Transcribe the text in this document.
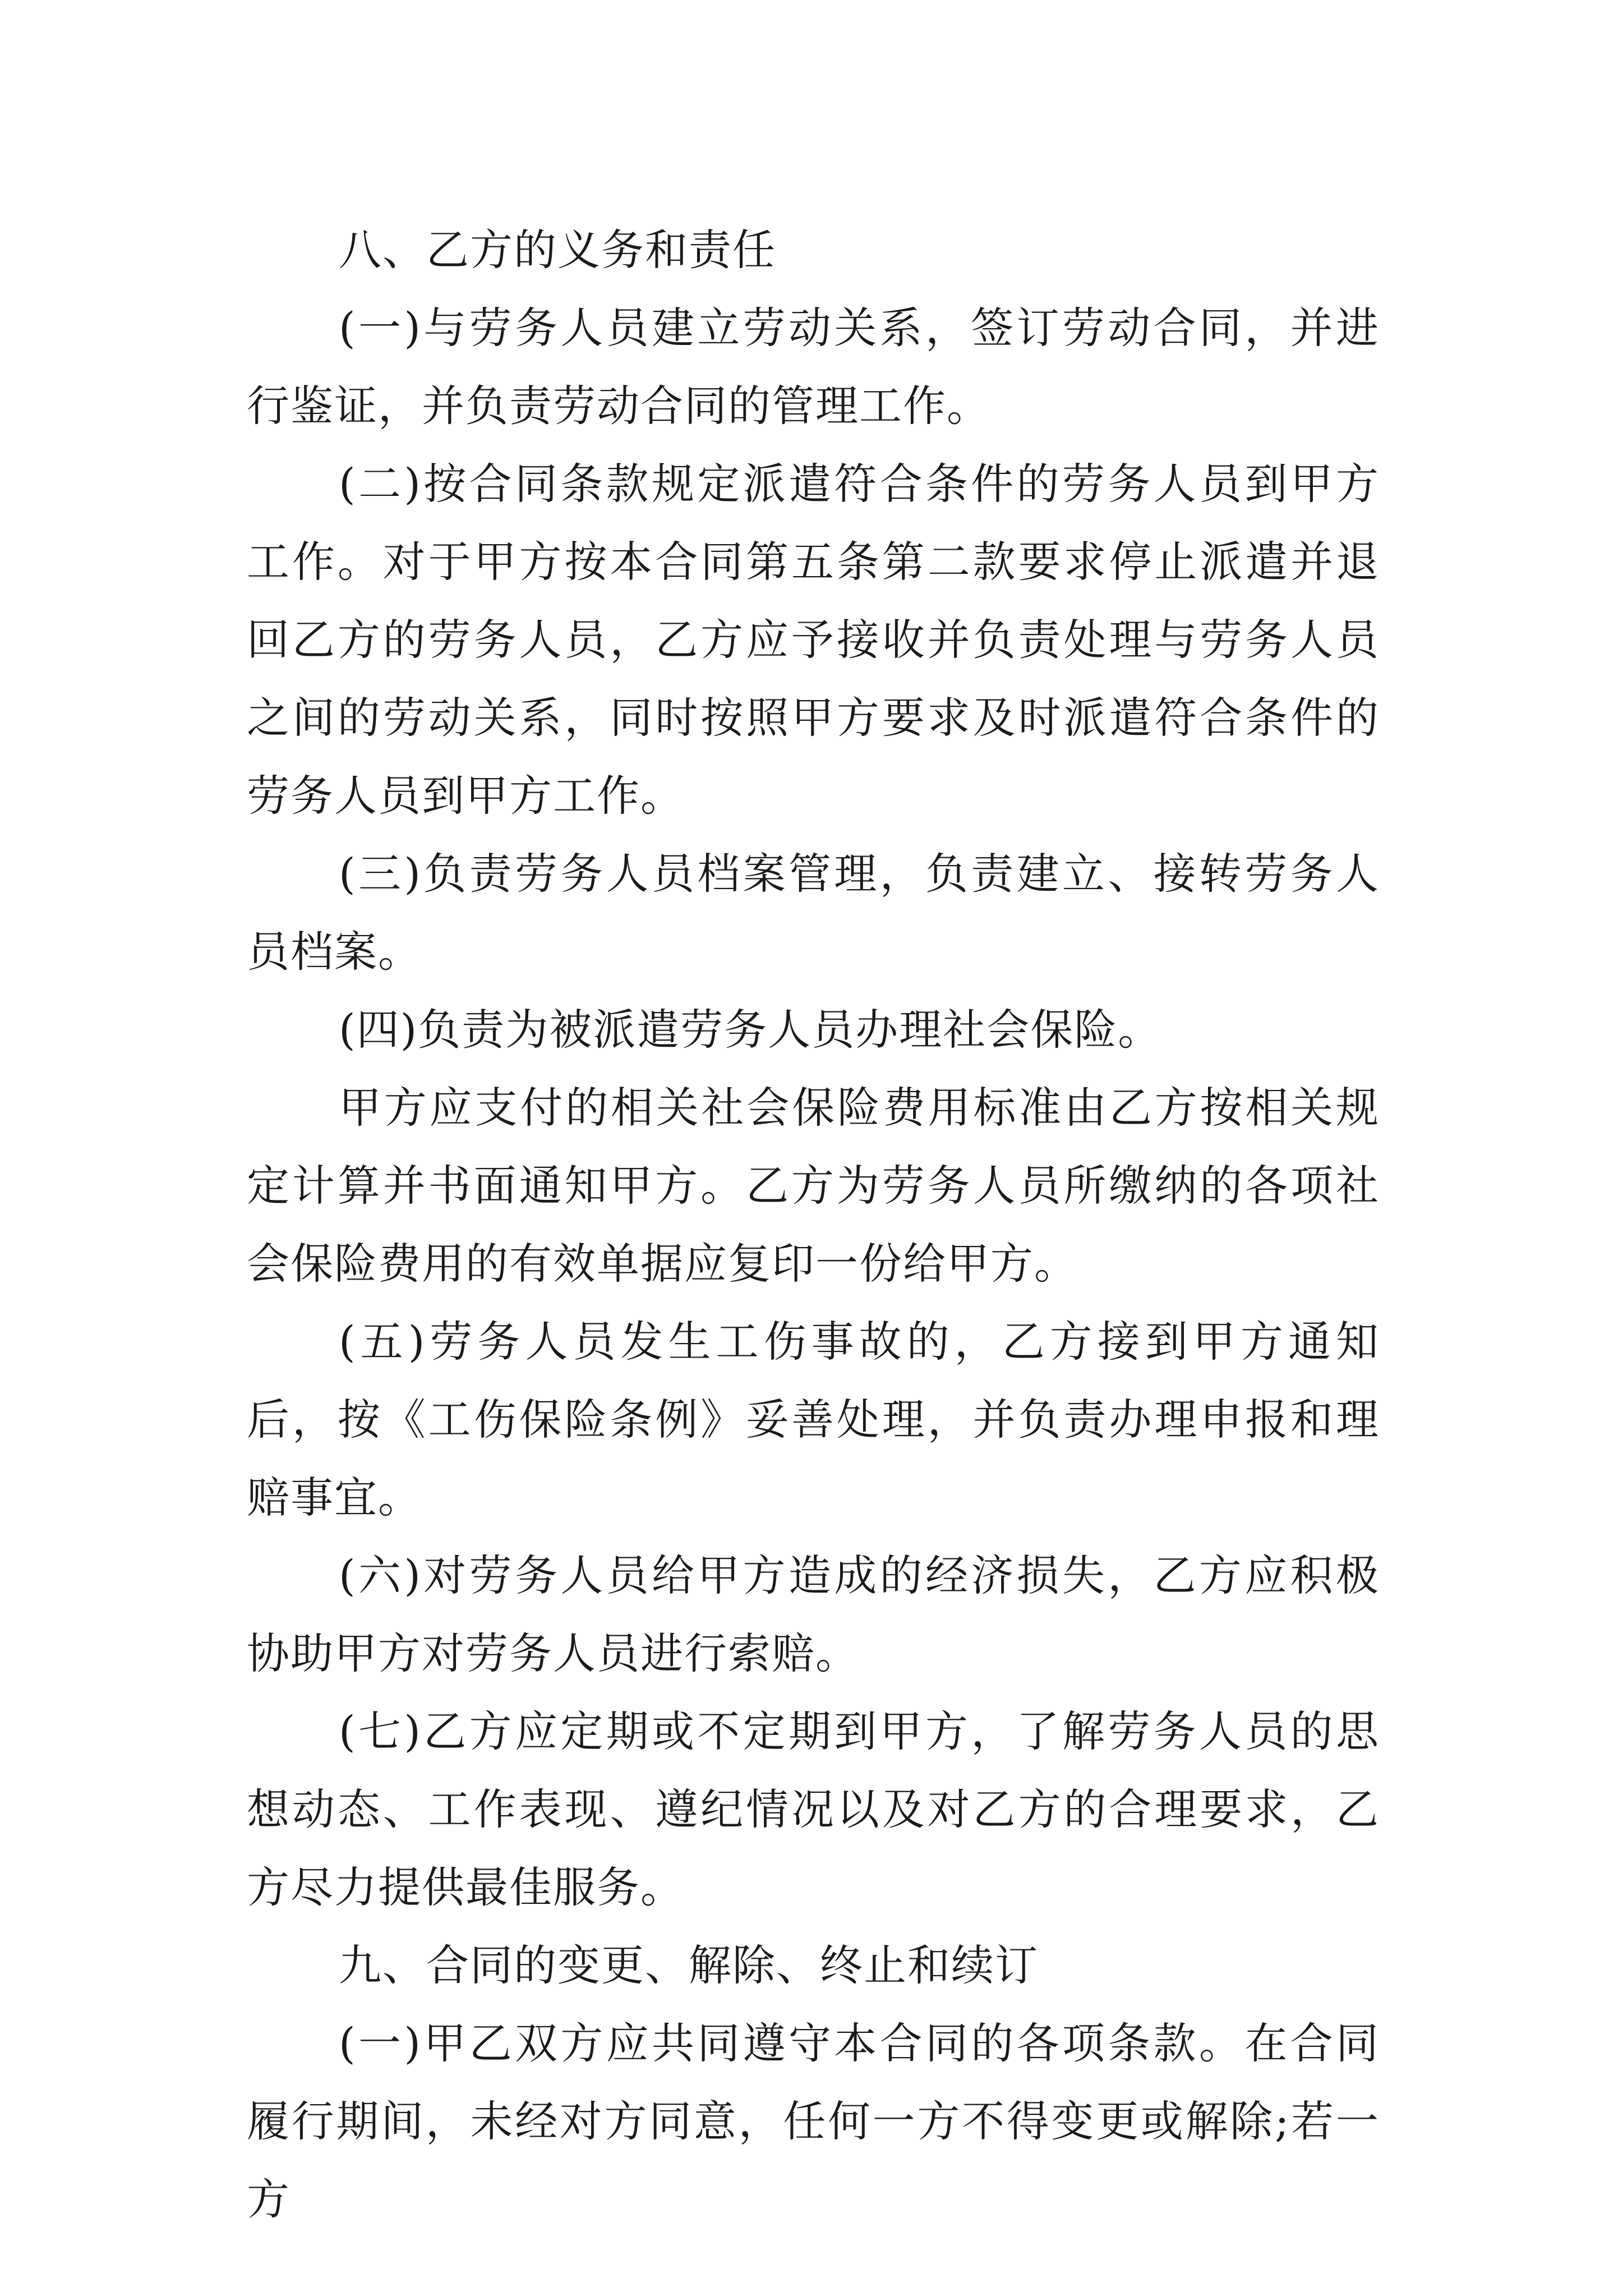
八、乙方的义务和责任

(一)与劳务人员建立劳动关系，签订劳动合同，并进行鉴证，并负责劳动合同的管理工作。

(二)按合同条款规定派遣符合条件的劳务人员到甲方工作。对于甲方按本合同第五条第二款要求停止派遣并退回乙方的劳务人员，乙方应予接收并负责处理与劳务人员之间的劳动关系，同时按照甲方要求及时派遣符合条件的劳务人员到甲方工作。

(三)负责劳务人员档案管理，负责建立、接转劳务人员档案。

(四)负责为被派遣劳务人员办理社会保险。

甲方应支付的相关社会保险费用标准由乙方按相关规定计算并书面通知甲方。乙方为劳务人员所缴纳的各项社会保险费用的有效单据应复印一份给甲方。

(五)劳务人员发生工伤事故的，乙方接到甲方通知后，按《工伤保险条例》妥善处理，并负责办理申报和理赔事宜。

(六)对劳务人员给甲方造成的经济损失，乙方应积极协助甲方对劳务人员进行索赔。

(七)乙方应定期或不定期到甲方，了解劳务人员的思想动态、工作表现、遵纪情况以及对乙方的合理要求，乙方尽力提供最佳服务。

九、合同的变更、解除、终止和续订

(一)甲乙双方应共同遵守本合同的各项条款。在合同履行期间，未经对方同意，任何一方不得变更或解除;若一方
